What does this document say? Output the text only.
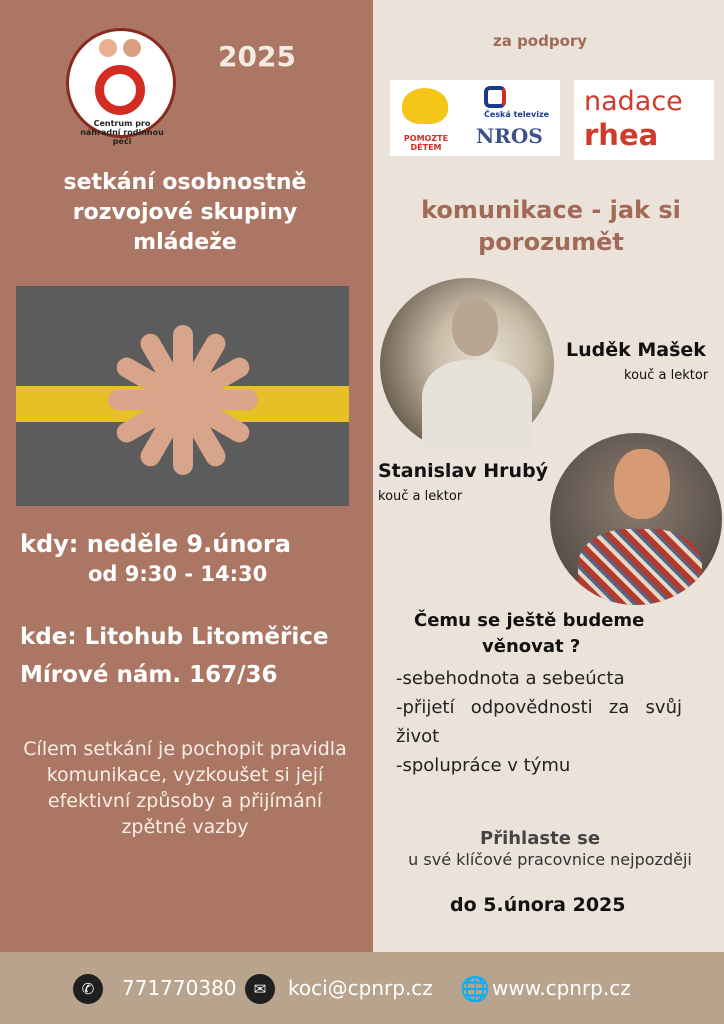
Centrum pro náhradní rodinnou péči
2025
setkání osobnostně rozvojové skupiny mládeže
kdy: neděle 9.února
od 9:30 - 14:30
kde: Litohub Litoměřice
Mírové nám. 167/36
Cílem setkání je pochopit pravidla komunikace, vyzkoušet si její efektivní způsoby a přijímání zpětné vazby
za podpory
POMOZTE DĚTEM
Česká televize
NROS
nadace
rhea
komunikace - jak si porozumět
Luděk Mašek
kouč a lektor
Stanislav Hrubý
kouč a lektor
Čemu se ještě budeme
věnovat ?
-sebehodnota a sebeúcta
-přijetí odpovědnosti za svůj život
-spolupráce v týmu
Přihlaste se
u své klíčové pracovnice nejpozději
do 5.února 2025
✆	771770380	✉	koci@cpnrp.cz 🌐 www.cpnrp.cz
